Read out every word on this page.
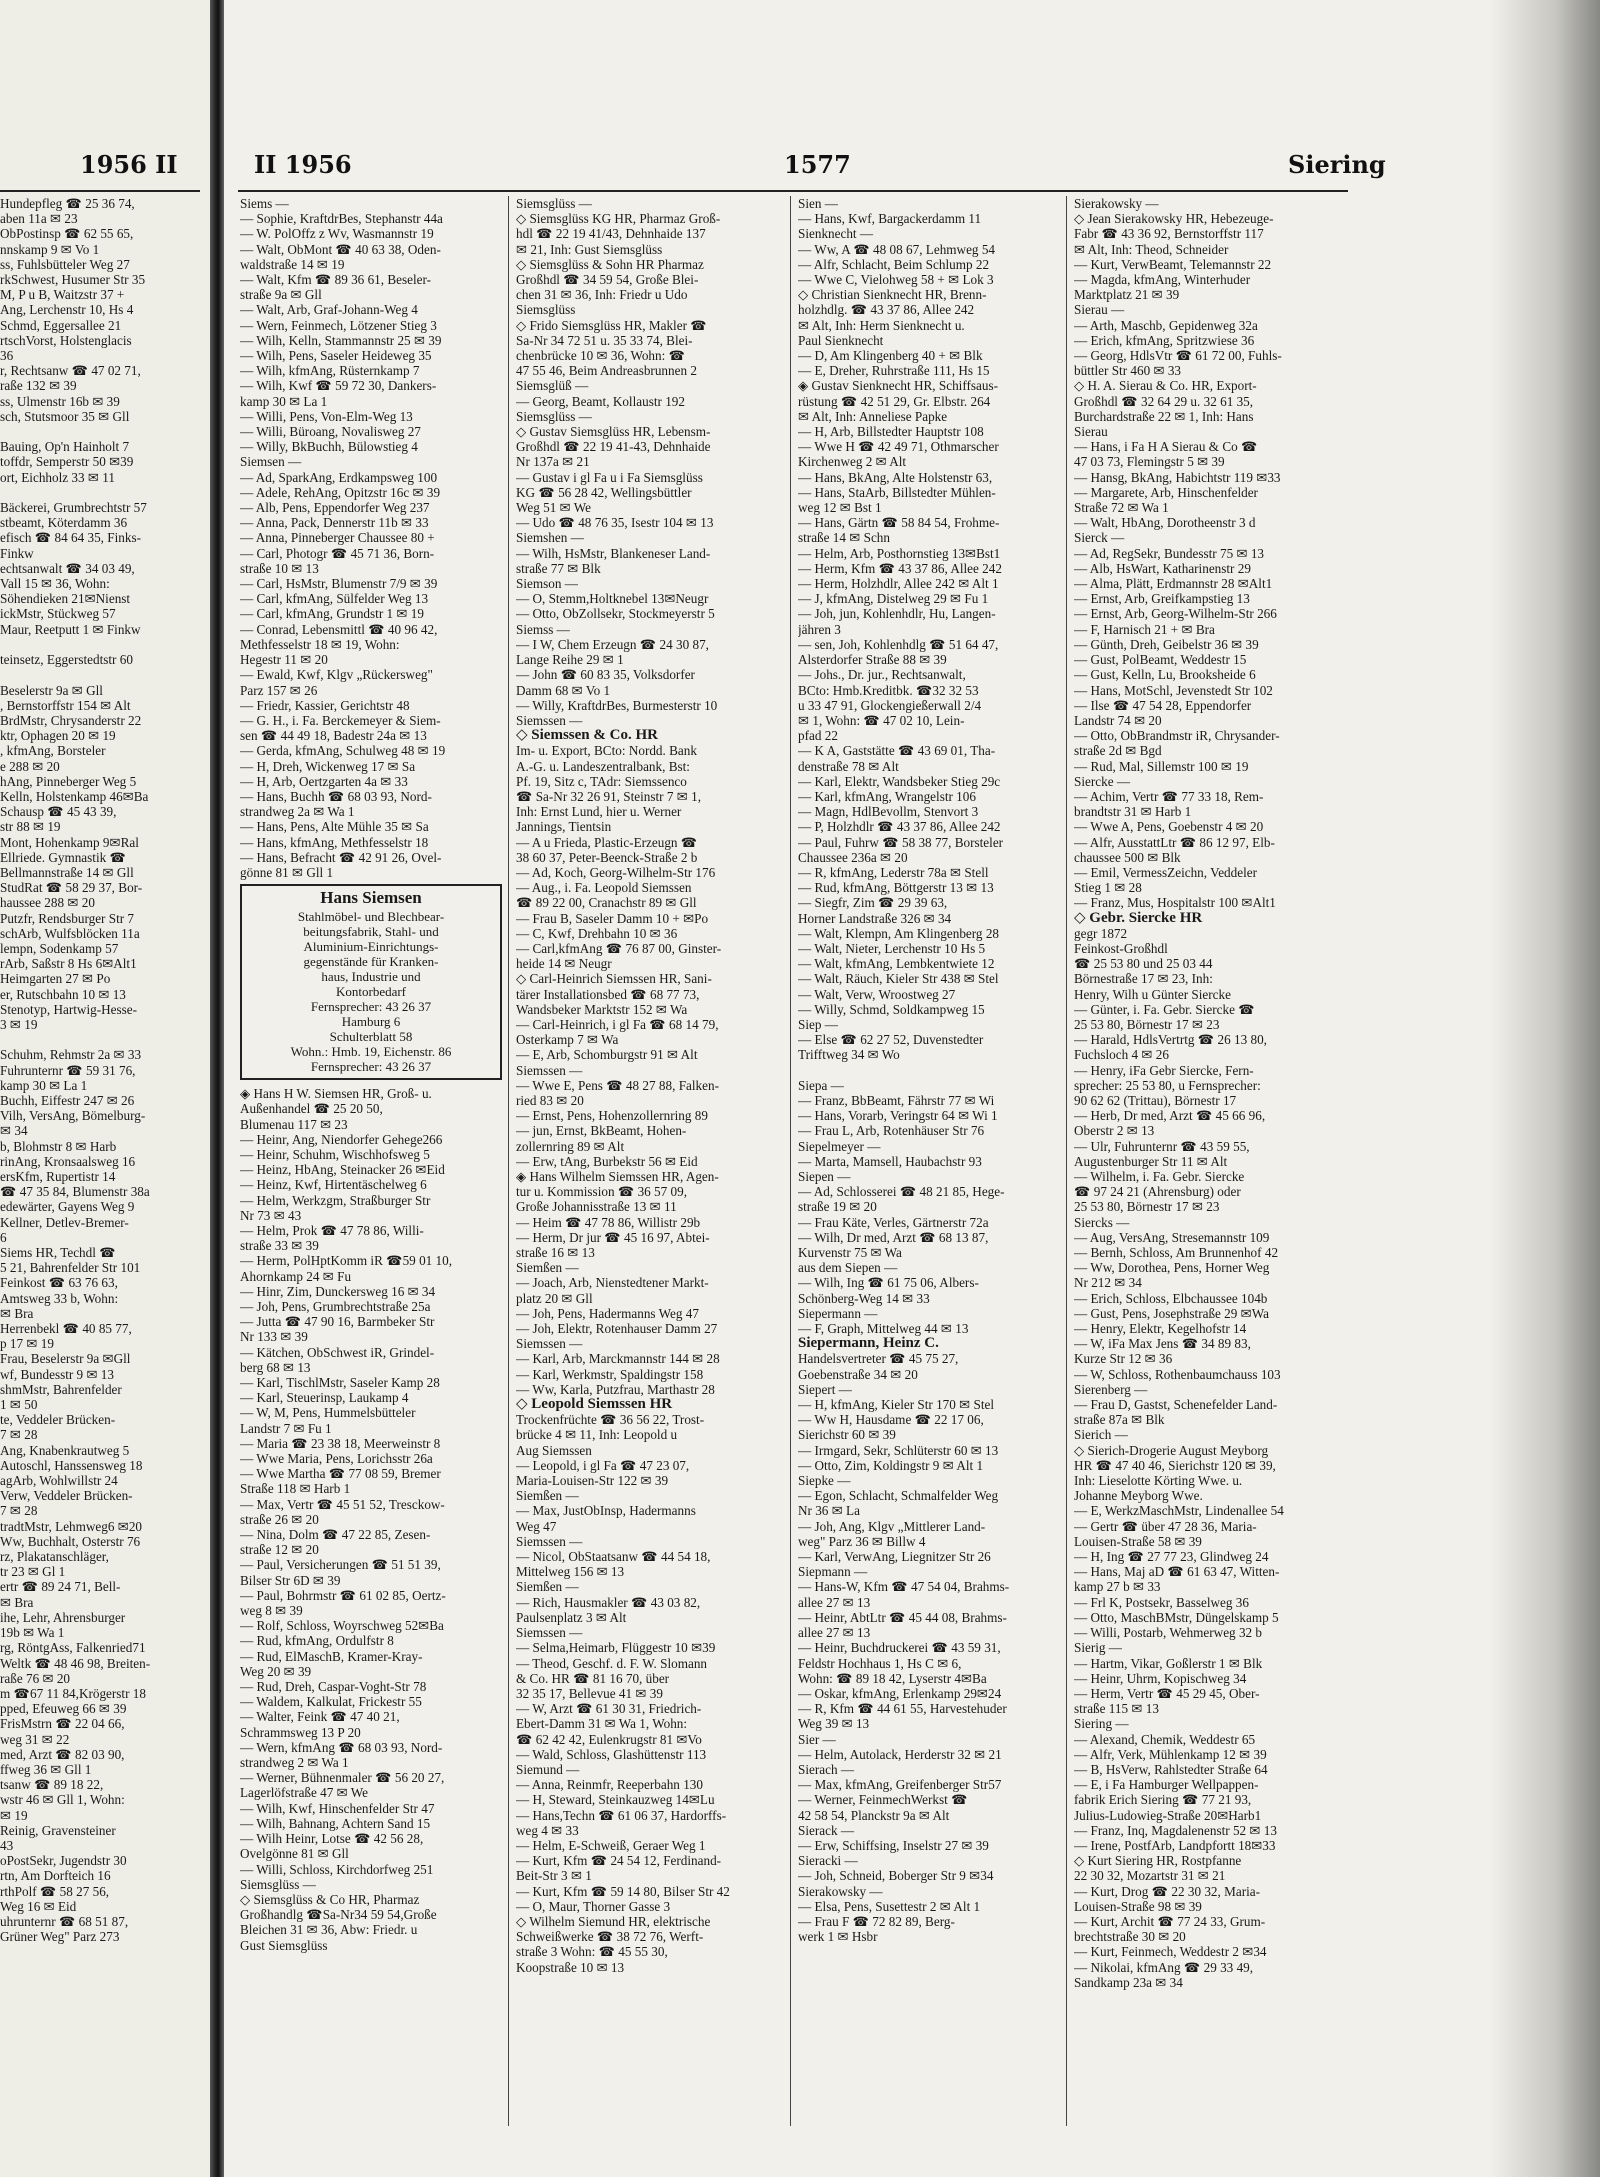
1956 II
Hundepfleg ☎ 25 36 74,
aben 11a ✉ 23
ObPostinsp ☎ 62 55 65,
nnskamp 9 ✉ Vo 1
ss, Fuhlsbütteler Weg 27
rkSchwest, Husumer Str 35
M, P u B, Waitzstr 37 +
Ang, Lerchenstr 10, Hs 4
Schmd, Eggersallee 21
rtschVorst, Holstenglacis
36
r, Rechtsanw ☎ 47 02 71,
raße 132 ✉ 39
ss, Ulmenstr 16b ✉ 39
sch, Stutsmoor 35 ✉ Gll

Bauing, Op'n Hainholt 7
toffdr, Semperstr 50 ✉39
ort, Eichholz 33 ✉ 11

Bäckerei, Grumbrechtstr 57
stbeamt, Köterdamm 36
efisch ☎ 84 64 35, Finks-
Finkw
echtsanwalt ☎ 34 03 49,
Vall 15 ✉ 36, Wohn:
Söhendieken 21✉Nienst
ickMstr, Stückweg 57
Maur, Reetputt 1 ✉ Finkw

teinsetz, Eggerstedtstr 60

Beselerstr 9a ✉ Gll
, Bernstorffstr 154 ✉ Alt
BrdMstr, Chrysanderstr 22
ktr, Ophagen 20 ✉ 19
, kfmAng, Borsteler
e 288 ✉ 20
hAng, Pinneberger Weg 5
Kelln, Holstenkamp 46✉Ba
Schausp ☎ 45 43 39,
str 88 ✉ 19
Mont, Hohenkamp 9✉Ral
Ellriede. Gymnastik ☎
Bellmannstraße 14 ✉ Gll
StudRat ☎ 58 29 37, Bor-
haussee 288 ✉ 20
Putzfr, Rendsburger Str 7
schArb, Wulfsblöcken 11a
lempn, Sodenkamp 57
rArb, Saßstr 8 Hs 6✉Alt1
Heimgarten 27 ✉ Po
er, Rutschbahn 10 ✉ 13
Stenotyp, Hartwig-Hesse-
3 ✉ 19

Schuhm, Rehmstr 2a ✉ 33
Fuhrunternr ☎ 59 31 76,
kamp 30 ✉ La 1
Buchh, Eiffestr 247 ✉ 26
Vilh, VersAng, Bömelburg-
✉ 34
b, Blohmstr 8 ✉ Harb
rinAng, Kronsaalsweg 16
ersKfm, Rupertistr 14
☎ 47 35 84, Blumenstr 38a
edewärter, Gayens Weg 9
Kellner, Detlev-Bremer-
6
Siems HR, Techdl ☎
5 21, Bahrenfelder Str 101
Feinkost ☎ 63 76 63,
Amtsweg 33 b, Wohn:
✉ Bra
Herrenbekl ☎ 40 85 77,
p 17 ✉ 19
Frau, Beselerstr 9a ✉Gll
wf, Bundesstr 9 ✉ 13
shmMstr, Bahrenfelder
1 ✉ 50
te, Veddeler Brücken-
7 ✉ 28
Ang, Knabenkrautweg 5
Autoschl, Hanssensweg 18
agArb, Wohlwillstr 24
Verw, Veddeler Brücken-
7 ✉ 28
tradtMstr, Lehmweg6 ✉20
Ww, Buchhalt, Osterstr 76
rz, Plakatanschläger,
tr 23 ✉ Gl 1
ertr ☎ 89 24 71, Bell-
✉ Bra
ihe, Lehr, Ahrensburger
19b ✉ Wa 1
rg, RöntgAss, Falkenried71
Weltk ☎ 48 46 98, Breiten-
raße 76 ✉ 20
m ☎67 11 84,Krögerstr 18
pped, Efeuweg 66 ✉ 39
FrisMstrn ☎ 22 04 66,
weg 31 ✉ 22
med, Arzt ☎ 82 03 90,
ffweg 36 ✉ Gll 1
tsanw ☎ 89 18 22,
wstr 46 ✉ Gll 1, Wohn:
✉ 19
Reinig, Gravensteiner
43
oPostSekr, Jugendstr 30
rtn, Am Dorfteich 16
rthPolf ☎ 58 27 56,
Weg 16 ✉ Eid
uhrunternr ☎ 68 51 87,
Grüner Weg" Parz 273
II 1956	1577	Siering
Siems —
— Sophie, KraftdrBes, Stephanstr 44a
— W. PolOffz z Wv, Wasmannstr 19
— Walt, ObMont ☎ 40 63 38, Oden-
waldstraße 14 ✉ 19
— Walt, Kfm ☎ 89 36 61, Beseler-
straße 9a ✉ Gll
— Walt, Arb, Graf-Johann-Weg 4
— Wern, Feinmech, Lötzener Stieg 3
— Wilh, Kelln, Stammannstr 25 ✉ 39
— Wilh, Pens, Saseler Heideweg 35
— Wilh, kfmAng, Rüsternkamp 7
— Wilh, Kwf ☎ 59 72 30, Dankers-
kamp 30 ✉ La 1
— Willi, Pens, Von-Elm-Weg 13
— Willi, Büroang, Novalisweg 27
— Willy, BkBuchh, Bülowstieg 4
Siemsen —
— Ad, SparkAng, Erdkampsweg 100
— Adele, RehAng, Opitzstr 16c ✉ 39
— Alb, Pens, Eppendorfer Weg 237
— Anna, Pack, Dennerstr 11b ✉ 33
— Anna, Pinneberger Chaussee 80 +
— Carl, Photogr ☎ 45 71 36, Born-
straße 10 ✉ 13
— Carl, HsMstr, Blumenstr 7/9 ✉ 39
— Carl, kfmAng, Sülfelder Weg 13
— Carl, kfmAng, Grundstr 1 ✉ 19
— Conrad, Lebensmittl ☎ 40 96 42,
Methfesselstr 18 ✉ 19, Wohn:
Hegestr 11 ✉ 20
— Ewald, Kwf, Klgv „Rückersweg"
Parz 157 ✉ 26
— Friedr, Kassier, Gerichtstr 48
— G. H., i. Fa. Berckemeyer & Siem-
sen ☎ 44 49 18, Badestr 24a ✉ 13
— Gerda, kfmAng, Schulweg 48 ✉ 19
— H, Dreh, Wickenweg 17 ✉ Sa
— H, Arb, Oertzgarten 4a ✉ 33
— Hans, Buchh ☎ 68 03 93, Nord-
strandweg 2a ✉ Wa 1
— Hans, Pens, Alte Mühle 35 ✉ Sa
— Hans, kfmAng, Methfesselstr 18
— Hans, Befracht ☎ 42 91 26, Ovel-
gönne 81 ✉ Gll 1
Hans Siemsen
Stahlmöbel- und Blechbear-
beitungsfabrik, Stahl- und
Aluminium-Einrichtungs-
gegenstände für Kranken-
haus, Industrie und
Kontorbedarf
Fernsprecher: 43 26 37
Hamburg 6
Schulterblatt 58
Wohn.: Hmb. 19, Eichenstr. 86
Fernsprecher: 43 26 37
◈ Hans H W. Siemsen HR, Groß- u.
Außenhandel ☎ 25 20 50,
Blumenau 117 ✉ 23
— Heinr, Ang, Niendorfer Gehege266
— Heinr, Schuhm, Wischhofsweg 5
— Heinz, HbAng, Steinacker 26 ✉Eid
— Heinz, Kwf, Hirtentäschelweg 6
— Helm, Werkzgm, Straßburger Str
Nr 73 ✉ 43
— Helm, Prok ☎ 47 78 86, Willi-
straße 33 ✉ 39
— Herm, PolHptKomm iR ☎59 01 10,
Ahornkamp 24 ✉ Fu
— Hinr, Zim, Dunckersweg 16 ✉ 34
— Joh, Pens, Grumbrechtstraße 25a
— Jutta ☎ 47 90 16, Barmbeker Str
Nr 133 ✉ 39
— Kätchen, ObSchwest iR, Grindel-
berg 68 ✉ 13
— Karl, TischlMstr, Saseler Kamp 28
— Karl, Steuerinsp, Laukamp 4
— W, M, Pens, Hummelsbütteler
Landstr 7 ✉ Fu 1
— Maria ☎ 23 38 18, Meerweinstr 8
— Wwe Maria, Pens, Lorichsstr 26a
— Wwe Martha ☎ 77 08 59, Bremer
Straße 118 ✉ Harb 1
— Max, Vertr ☎ 45 51 52, Tresckow-
straße 26 ✉ 20
— Nina, Dolm ☎ 47 22 85, Zesen-
straße 12 ✉ 20
— Paul, Versicherungen ☎ 51 51 39,
Bilser Str 6D ✉ 39
— Paul, Bohrmstr ☎ 61 02 85, Oertz-
weg 8 ✉ 39
— Rolf, Schloss, Woyrschweg 52✉Ba
— Rud, kfmAng, Ordulfstr 8
— Rud, ElMaschB, Kramer-Kray-
Weg 20 ✉ 39
— Rud, Dreh, Caspar-Voght-Str 78
— Waldem, Kalkulat, Frickestr 55
— Walter, Feink ☎ 47 40 21,
Schrammsweg 13 P 20
— Wern, kfmAng ☎ 68 03 93, Nord-
strandweg 2 ✉ Wa 1
— Werner, Bühnenmaler ☎ 56 20 27,
Lagerlöfstraße 47 ✉ We
— Wilh, Kwf, Hinschenfelder Str 47
— Wilh, Bahnang, Achtern Sand 15
— Wilh Heinr, Lotse ☎ 42 56 28,
Ovelgönne 81 ✉ Gll
— Willi, Schloss, Kirchdorfweg 251
Siemsglüss —
◇ Siemsglüss & Co HR, Pharmaz
Großhandlg ☎Sa-Nr34 59 54,Große
Bleichen 31 ✉ 36, Abw: Friedr. u
Gust Siemsglüss
Siemsglüss —
◇ Siemsglüss KG HR, Pharmaz Groß-
hdl ☎ 22 19 41/43, Dehnhaide 137
✉ 21, Inh: Gust Siemsglüss
◇ Siemsglüss & Sohn HR Pharmaz
Großhdl ☎ 34 59 54, Große Blei-
chen 31 ✉ 36, Inh: Friedr u Udo
Siemsglüss
◇ Frido Siemsglüss HR, Makler ☎
Sa-Nr 34 72 51 u. 35 33 74, Blei-
chenbrücke 10 ✉ 36, Wohn: ☎
47 55 46, Beim Andreasbrunnen 2
Siemsglüß —
— Georg, Beamt, Kollaustr 192
Siemsglüss —
◇ Gustav Siemsglüss HR, Lebensm-
Großhdl ☎ 22 19 41-43, Dehnhaide
Nr 137a ✉ 21
— Gustav i gl Fa u i Fa Siemsglüss
KG ☎ 56 28 42, Wellingsbüttler
Weg 51 ✉ We
— Udo ☎ 48 76 35, Isestr 104 ✉ 13
Siemshen —
— Wilh, HsMstr, Blankeneser Land-
straße 77 ✉ Blk
Siemson —
— O, Stemm,Holtknebel 13✉Neugr
— Otto, ObZollsekr, Stockmeyerstr 5
Siemss —
— I W, Chem Erzeugn ☎ 24 30 87,
Lange Reihe 29 ✉ 1
— John ☎ 60 83 35, Volksdorfer
Damm 68 ✉ Vo 1
— Willy, KraftdrBes, Burmesterstr 10
Siemssen —
◇ Siemssen & Co. HR
Im- u. Export, BCto: Nordd. Bank
A.-G. u. Landeszentralbank, Bst:
Pf. 19, Sitz c, TAdr: Siemssenco
☎ Sa-Nr 32 26 91, Steinstr 7 ✉ 1,
Inh: Ernst Lund, hier u. Werner
Jannings, Tientsin
— A u Frieda, Plastic-Erzeugn ☎
38 60 37, Peter-Beenck-Straße 2 b
— Ad, Koch, Georg-Wilhelm-Str 176
— Aug., i. Fa. Leopold Siemssen
☎ 89 22 00, Cranachstr 89 ✉ Gll
— Frau B, Saseler Damm 10 + ✉Po
— C, Kwf, Drehbahn 10 ✉ 36
— Carl,kfmAng ☎ 76 87 00, Ginster-
heide 14 ✉ Neugr
◇ Carl-Heinrich Siemssen HR, Sani-
tärer Installationsbed ☎ 68 77 73,
Wandsbeker Marktstr 152 ✉ Wa
— Carl-Heinrich, i gl Fa ☎ 68 14 79,
Osterkamp 7 ✉ Wa
— E, Arb, Schomburgstr 91 ✉ Alt
Siemssen —
— Wwe E, Pens ☎ 48 27 88, Falken-
ried 83 ✉ 20
— Ernst, Pens, Hohenzollernring 89
— jun, Ernst, BkBeamt, Hohen-
zollernring 89 ✉ Alt
— Erw, tAng, Burbekstr 56 ✉ Eid
◈ Hans Wilhelm Siemssen HR, Agen-
tur u. Kommission ☎ 36 57 09,
Große Johannisstraße 13 ✉ 11
— Heim ☎ 47 78 86, Willistr 29b
— Herm, Dr jur ☎ 45 16 97, Abtei-
straße 16 ✉ 13
Siemßen —
— Joach, Arb, Nienstedtener Markt-
platz 20 ✉ Gll
— Joh, Pens, Hadermanns Weg 47
— Joh, Elektr, Rotenhauser Damm 27
Siemssen —
— Karl, Arb, Marckmannstr 144 ✉ 28
— Karl, Werkmstr, Spaldingstr 158
— Ww, Karla, Putzfrau, Marthastr 28
◇ Leopold Siemssen HR
Trockenfrüchte ☎ 36 56 22, Trost-
brücke 4 ✉ 11, Inh: Leopold u
Aug Siemssen
— Leopold, i gl Fa ☎ 47 23 07,
Maria-Louisen-Str 122 ✉ 39
Siemßen —
— Max, JustObInsp, Hadermanns
Weg 47
Siemssen —
— Nicol, ObStaatsanw ☎ 44 54 18,
Mittelweg 156 ✉ 13
Siemßen —
— Rich, Hausmakler ☎ 43 03 82,
Paulsenplatz 3 ✉ Alt
Siemssen —
— Selma,Heimarb, Flüggestr 10 ✉39
— Theod, Geschf. d. F. W. Slomann
& Co. HR ☎ 81 16 70, über
32 35 17, Bellevue 41 ✉ 39
— W, Arzt ☎ 61 30 31, Friedrich-
Ebert-Damm 31 ✉ Wa 1, Wohn:
☎ 62 42 42, Eulenkrugstr 81 ✉Vo
— Wald, Schloss, Glashüttenstr 113
Siemund —
— Anna, Reinmfr, Reeperbahn 130
— H, Steward, Steinkauzweg 14✉Lu
— Hans,Techn ☎ 61 06 37, Hardorffs-
weg 4 ✉ 33
— Helm, E-Schweiß, Geraer Weg 1
— Kurt, Kfm ☎ 24 54 12, Ferdinand-
Beit-Str 3 ✉ 1
— Kurt, Kfm ☎ 59 14 80, Bilser Str 42
— O, Maur, Thorner Gasse 3
◇ Wilhelm Siemund HR, elektrische
Schweißwerke ☎ 38 72 76, Werft-
straße 3 Wohn: ☎ 45 55 30,
Koopstraße 10 ✉ 13
Sien —
— Hans, Kwf, Bargackerdamm 11
Sienknecht —
— Ww, A ☎ 48 08 67, Lehmweg 54
— Alfr, Schlacht, Beim Schlump 22
— Wwe C, Vielohweg 58 + ✉ Lok 3
◇ Christian Sienknecht HR, Brenn-
holzhdlg. ☎ 43 37 86, Allee 242
✉ Alt, Inh: Herm Sienknecht u.
Paul Sienknecht
— D, Am Klingenberg 40 + ✉ Blk
— E, Dreher, Ruhrstraße 111, Hs 15
◈ Gustav Sienknecht HR, Schiffsaus-
rüstung ☎ 42 51 29, Gr. Elbstr. 264
✉ Alt, Inh: Anneliese Papke
— H, Arb, Billstedter Hauptstr 108
— Wwe H ☎ 42 49 71, Othmarscher
Kirchenweg 2 ✉ Alt
— Hans, BkAng, Alte Holstenstr 63,
— Hans, StaArb, Billstedter Mühlen-
weg 12 ✉ Bst 1
— Hans, Gärtn ☎ 58 84 54, Frohme-
straße 14 ✉ Schn
— Helm, Arb, Posthornstieg 13✉Bst1
— Herm, Kfm ☎ 43 37 86, Allee 242
— Herm, Holzhdlr, Allee 242 ✉ Alt 1
— J, kfmAng, Distelweg 29 ✉ Fu 1
— Joh, jun, Kohlenhdlr, Hu, Langen-
jähren 3
— sen, Joh, Kohlenhdlg ☎ 51 64 47,
Alsterdorfer Straße 88 ✉ 39
— Johs., Dr. jur., Rechtsanwalt,
BCto: Hmb.Kreditbk. ☎32 32 53
u 33 47 91, Glockengießerwall 2/4
✉ 1, Wohn: ☎ 47 02 10, Lein-
pfad 22
— K A, Gaststätte ☎ 43 69 01, Tha-
denstraße 78 ✉ Alt
— Karl, Elektr, Wandsbeker Stieg 29c
— Karl, kfmAng, Wrangelstr 106
— Magn, HdlBevollm, Stenvort 3
— P, Holzhdlr ☎ 43 37 86, Allee 242
— Paul, Fuhrw ☎ 58 38 77, Borsteler
Chaussee 236a ✉ 20
— R, kfmAng, Lederstr 78a ✉ Stell
— Rud, kfmAng, Böttgerstr 13 ✉ 13
— Siegfr, Zim ☎ 29 39 63,
Horner Landstraße 326 ✉ 34
— Walt, Klempn, Am Klingenberg 28
— Walt, Nieter, Lerchenstr 10 Hs 5
— Walt, kfmAng, Lembkentwiete 12
— Walt, Räuch, Kieler Str 438 ✉ Stel
— Walt, Verw, Wroostweg 27
— Willy, Schmd, Soldkampweg 15
Siep —
— Else ☎ 62 27 52, Duvenstedter
Trifftweg 34 ✉ Wo

Siepa —
— Franz, BbBeamt, Fährstr 77 ✉ Wi
— Hans, Vorarb, Veringstr 64 ✉ Wi 1
— Frau L, Arb, Rotenhäuser Str 76
Siepelmeyer —
— Marta, Mamsell, Haubachstr 93
Siepen —
— Ad, Schlosserei ☎ 48 21 85, Hege-
straße 19 ✉ 20
— Frau Käte, Verles, Gärtnerstr 72a
— Wilh, Dr med, Arzt ☎ 68 13 87,
Kurvenstr 75 ✉ Wa
aus dem Siepen —
— Wilh, Ing ☎ 61 75 06, Albers-
Schönberg-Weg 14 ✉ 33
Siepermann —
— F, Graph, Mittelweg 44 ✉ 13
Siepermann, Heinz C.
Handelsvertreter ☎ 45 75 27,
Goebenstraße 34 ✉ 20
Siepert —
— H, kfmAng, Kieler Str 170 ✉ Stel
— Ww H, Hausdame ☎ 22 17 06,
Sierichstr 60 ✉ 39
— Irmgard, Sekr, Schlüterstr 60 ✉ 13
— Otto, Zim, Koldingstr 9 ✉ Alt 1
Siepke —
— Egon, Schlacht, Schmalfelder Weg
Nr 36 ✉ La
— Joh, Ang, Klgv „Mittlerer Land-
weg" Parz 36 ✉ Billw 4
— Karl, VerwAng, Liegnitzer Str 26
Siepmann —
— Hans-W, Kfm ☎ 47 54 04, Brahms-
allee 27 ✉ 13
— Heinr, AbtLtr ☎ 45 44 08, Brahms-
allee 27 ✉ 13
— Heinr, Buchdruckerei ☎ 43 59 31,
Feldstr Hochhaus 1, Hs C ✉ 6,
Wohn: ☎ 89 18 42, Lyserstr 4✉Ba
— Oskar, kfmAng, Erlenkamp 29✉24
— R, Kfm ☎ 44 61 55, Harvestehuder
Weg 39 ✉ 13
Sier —
— Helm, Autolack, Herderstr 32 ✉ 21
Sierach —
— Max, kfmAng, Greifenberger Str57
— Werner, FeinmechWerkst ☎
42 58 54, Planckstr 9a ✉ Alt
Sierack —
— Erw, Schiffsing, Inselstr 27 ✉ 39
Sieracki —
— Joh, Schneid, Boberger Str 9 ✉34
Sierakowsky —
— Elsa, Pens, Susettestr 2 ✉ Alt 1
— Frau F ☎ 72 82 89, Berg-
werk 1 ✉ Hsbr
Sierakowsky —
◇ Jean Sierakowsky HR, Hebezeuge-
Fabr ☎ 43 36 92, Bernstorffstr 117
✉ Alt, Inh: Theod, Schneider
— Kurt, VerwBeamt, Telemannstr 22
— Magda, kfmAng, Winterhuder
Marktplatz 21 ✉ 39
Sierau —
— Arth, Maschb, Gepidenweg 32a
— Erich, kfmAng, Spritzwiese 36
— Georg, HdlsVtr ☎ 61 72 00, Fuhls-
büttler Str 460 ✉ 33
◇ H. A. Sierau & Co. HR, Export-
Großhdl ☎ 32 64 29 u. 32 61 35,
Burchardstraße 22 ✉ 1, Inh: Hans
Sierau
— Hans, i Fa H A Sierau & Co ☎
47 03 73, Flemingstr 5 ✉ 39
— Hansg, BkAng, Habichtstr 119 ✉33
— Margarete, Arb, Hinschenfelder
Straße 72 ✉ Wa 1
— Walt, HbAng, Dorotheenstr 3 d
Sierck —
— Ad, RegSekr, Bundesstr 75 ✉ 13
— Alb, HsWart, Katharinenstr 29
— Alma, Plätt, Erdmannstr 28 ✉Alt1
— Ernst, Arb, Greifkampstieg 13
— Ernst, Arb, Georg-Wilhelm-Str 266
— F, Harnisch 21 + ✉ Bra
— Günth, Dreh, Geibelstr 36 ✉ 39
— Gust, PolBeamt, Weddestr 15
— Gust, Kelln, Lu, Brooksheide 6
— Hans, MotSchl, Jevenstedt Str 102
— Ilse ☎ 47 54 28, Eppendorfer
Landstr 74 ✉ 20
— Otto, ObBrandmstr iR, Chrysander-
straße 2d ✉ Bgd
— Rud, Mal, Sillemstr 100 ✉ 19
Siercke —
— Achim, Vertr ☎ 77 33 18, Rem-
brandtstr 31 ✉ Harb 1
— Wwe A, Pens, Goebenstr 4 ✉ 20
— Alfr, AusstattLtr ☎ 86 12 97, Elb-
chaussee 500 ✉ Blk
— Emil, VermessZeichn, Veddeler
Stieg 1 ✉ 28
— Franz, Mus, Hospitalstr 100 ✉Alt1
◇ Gebr. Siercke HR
gegr 1872
Feinkost-Großhdl
☎ 25 53 80 und 25 03 44
Börnestraße 17 ✉ 23, Inh:
Henry, Wilh u Günter Siercke
— Günter, i. Fa. Gebr. Siercke ☎
25 53 80, Börnestr 17 ✉ 23
— Harald, HdlsVertrtg ☎ 26 13 80,
Fuchsloch 4 ✉ 26
— Henry, iFa Gebr Siercke, Fern-
sprecher: 25 53 80, u Fernsprecher:
90 62 62 (Trittau), Börnestr 17
— Herb, Dr med, Arzt ☎ 45 66 96,
Oberstr 2 ✉ 13
— Ulr, Fuhrunternr ☎ 43 59 55,
Augustenburger Str 11 ✉ Alt
— Wilhelm, i. Fa. Gebr. Siercke
☎ 97 24 21 (Ahrensburg) oder
25 53 80, Börnestr 17 ✉ 23
Siercks —
— Aug, VersAng, Stresemannstr 109
— Bernh, Schloss, Am Brunnenhof 42
— Ww, Dorothea, Pens, Horner Weg
Nr 212 ✉ 34
— Erich, Schloss, Elbchaussee 104b
— Gust, Pens, Josephstraße 29 ✉Wa
— Henry, Elektr, Kegelhofstr 14
— W, iFa Max Jens ☎ 34 89 83,
Kurze Str 12 ✉ 36
— W, Schloss, Rothenbaumchauss 103
Sierenberg —
— Frau D, Gastst, Schenefelder Land-
straße 87a ✉ Blk
Sierich —
◇ Sierich-Drogerie August Meyborg
HR ☎ 47 40 46, Sierichstr 120 ✉ 39,
Inh: Lieselotte Körting Wwe. u.
Johanne Meyborg Wwe.
— E, WerkzMaschMstr, Lindenallee 54
— Gertr ☎ über 47 28 36, Maria-
Louisen-Straße 58 ✉ 39
— H, Ing ☎ 27 77 23, Glindweg 24
— Hans, Maj aD ☎ 61 63 47, Witten-
kamp 27 b ✉ 33
— Frl K, Postsekr, Basselweg 36
— Otto, MaschBMstr, Düngelskamp 5
— Willi, Postarb, Wehmerweg 32 b
Sierig —
— Hartm, Vikar, Goßlerstr 1 ✉ Blk
— Heinr, Uhrm, Kopischweg 34
— Herm, Vertr ☎ 45 29 45, Ober-
straße 115 ✉ 13
Siering —
— Alexand, Chemik, Weddestr 65
— Alfr, Verk, Mühlenkamp 12 ✉ 39
— B, HsVerw, Rahlstedter Straße 64
— E, i Fa Hamburger Wellpappen-
fabrik Erich Siering ☎ 77 21 93,
Julius-Ludowieg-Straße 20✉Harb1
— Franz, Inq, Magdalenenstr 52 ✉ 13
— Irene, PostfArb, Landpfortt 18✉33
◇ Kurt Siering HR, Rostpfanne
22 30 32, Mozartstr 31 ✉ 21
— Kurt, Drog ☎ 22 30 32, Maria-
Louisen-Straße 98 ✉ 39
— Kurt, Archit ☎ 77 24 33, Grum-
brechtstraße 30 ✉ 20
— Kurt, Feinmech, Weddestr 2 ✉34
— Nikolai, kfmAng ☎ 29 33 49,
Sandkamp 23a ✉ 34
